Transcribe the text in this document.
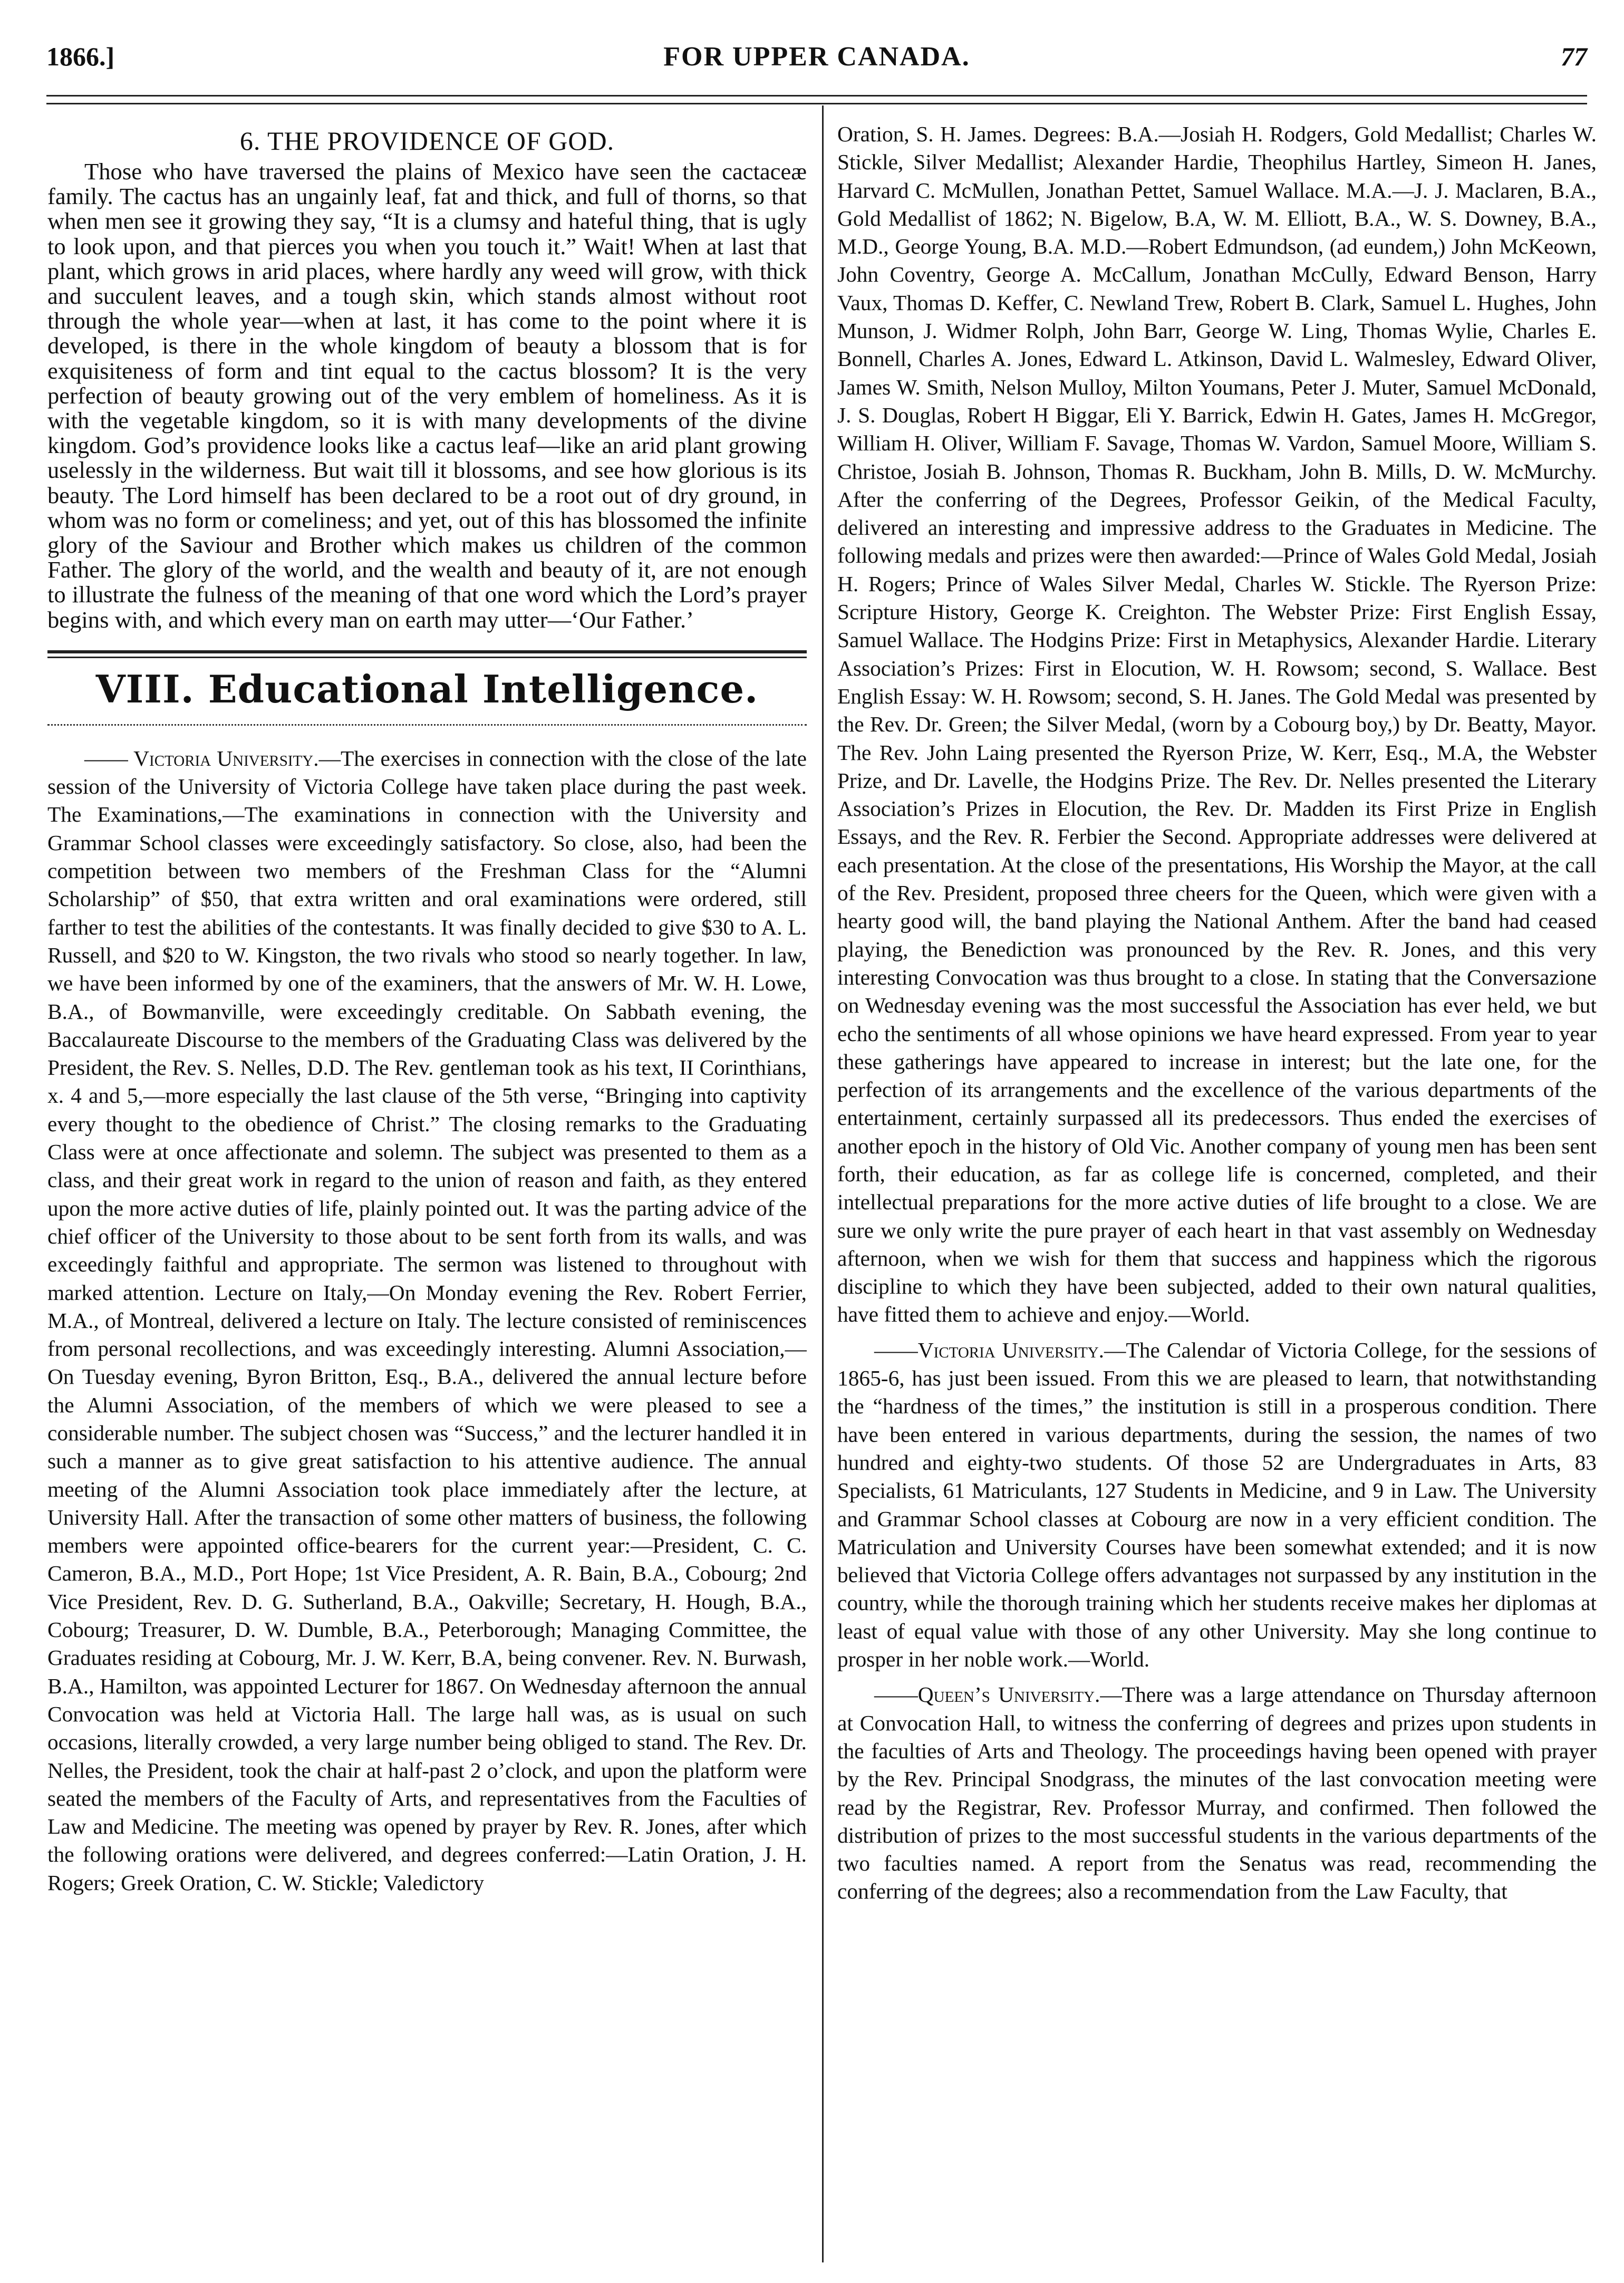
1866.]	FOR UPPER CANADA.	77
6. THE PROVIDENCE OF GOD.

Those who have traversed the plains of Mexico have seen the cactaceæ family. The cactus has an ungainly leaf, fat and thick, and full of thorns, so that when men see it growing they say, “It is a clumsy and hateful thing, that is ugly to look upon, and that pierces you when you touch it.” Wait! When at last that plant, which grows in arid places, where hardly any weed will grow, with thick and succulent leaves, and a tough skin, which stands almost without root through the whole year—when at last, it has come to the point where it is developed, is there in the whole kingdom of beauty a blossom that is for exquisiteness of form and tint equal to the cactus blossom? It is the very perfection of beauty growing out of the very emblem of homeliness. As it is with the vegetable kingdom, so it is with many developments of the divine kingdom. God’s providence looks like a cactus leaf—like an arid plant growing uselessly in the wilderness. But wait till it blossoms, and see how glorious is its beauty. The Lord himself has been declared to be a root out of dry ground, in whom was no form or comeliness; and yet, out of this has blossomed the infinite glory of the Saviour and Brother which makes us children of the common Father. The glory of the world, and the wealth and beauty of it, are not enough to illustrate the fulness of the meaning of that one word which the Lord’s prayer begins with, and which every man on earth may utter—‘Our Father.’

VIII. Educational Intelligence.

—— Victoria University.—The exercises in connection with the close of the late session of the University of Victoria College have taken place during the past week. The Examinations,—The examinations in connection with the University and Grammar School classes were exceedingly satisfactory. So close, also, had been the competition between two members of the Freshman Class for the “Alumni Scholarship” of $50, that extra written and oral examinations were ordered, still farther to test the abilities of the contestants. It was finally decided to give $30 to A. L. Russell, and $20 to W. Kingston, the two rivals who stood so nearly together. In law, we have been informed by one of the examiners, that the answers of Mr. W. H. Lowe, B.A., of Bowmanville, were exceedingly creditable. On Sabbath evening, the Baccalaureate Discourse to the members of the Graduating Class was delivered by the President, the Rev. S. Nelles, D.D. The Rev. gentleman took as his text, II Corinthians, x. 4 and 5,—more especially the last clause of the 5th verse, “Bringing into captivity every thought to the obedience of Christ.” The closing remarks to the Graduating Class were at once affectionate and solemn. The subject was presented to them as a class, and their great work in regard to the union of reason and faith, as they entered upon the more active duties of life, plainly pointed out. It was the parting advice of the chief officer of the University to those about to be sent forth from its walls, and was exceedingly faithful and appropriate. The sermon was listened to throughout with marked attention. Lecture on Italy,—On Monday evening the Rev. Robert Ferrier, M.A., of Montreal, delivered a lecture on Italy. The lecture consisted of reminiscences from personal recollections, and was exceedingly interesting. Alumni Association,—On Tuesday evening, Byron Britton, Esq., B.A., delivered the annual lecture before the Alumni Association, of the members of which we were pleased to see a considerable number. The subject chosen was “Success,” and the lecturer handled it in such a manner as to give great satisfaction to his attentive audience. The annual meeting of the Alumni Association took place immediately after the lecture, at University Hall. After the transaction of some other matters of business, the following members were appointed office-bearers for the current year:—President, C. C. Cameron, B.A., M.D., Port Hope; 1st Vice President, A. R. Bain, B.A., Cobourg; 2nd Vice President, Rev. D. G. Sutherland, B.A., Oakville; Secretary, H. Hough, B.A., Cobourg; Treasurer, D. W. Dumble, B.A., Peterborough; Managing Committee, the Graduates residing at Cobourg, Mr. J. W. Kerr, B.A, being convener. Rev. N. Burwash, B.A., Hamilton, was appointed Lecturer for 1867. On Wednesday afternoon the annual Convocation was held at Victoria Hall. The large hall was, as is usual on such occasions, literally crowded, a very large number being obliged to stand. The Rev. Dr. Nelles, the President, took the chair at half-past 2 o’clock, and upon the platform were seated the members of the Faculty of Arts, and representatives from the Faculties of Law and Medicine. The meeting was opened by prayer by Rev. R. Jones, after which the following orations were delivered, and degrees conferred:—Latin Oration, J. H. Rogers; Greek Oration, C. W. Stickle; Valedictory

Oration, S. H. James. Degrees: B.A.—Josiah H. Rodgers, Gold Medallist; Charles W. Stickle, Silver Medallist; Alexander Hardie, Theophilus Hartley, Simeon H. Janes, Harvard C. McMullen, Jonathan Pettet, Samuel Wallace. M.A.—J. J. Maclaren, B.A., Gold Medallist of 1862; N. Bigelow, B.A, W. M. Elliott, B.A., W. S. Downey, B.A., M.D., George Young, B.A. M.D.—Robert Edmundson, (ad eundem,) John McKeown, John Coventry, George A. McCallum, Jonathan McCully, Edward Benson, Harry Vaux, Thomas D. Keffer, C. Newland Trew, Robert B. Clark, Samuel L. Hughes, John Munson, J. Widmer Rolph, John Barr, George W. Ling, Thomas Wylie, Charles E. Bonnell, Charles A. Jones, Edward L. Atkinson, David L. Walmesley, Edward Oliver, James W. Smith, Nelson Mulloy, Milton Youmans, Peter J. Muter, Samuel McDonald, J. S. Douglas, Robert H Biggar, Eli Y. Barrick, Edwin H. Gates, James H. McGregor, William H. Oliver, William F. Savage, Thomas W. Vardon, Samuel Moore, William S. Christoe, Josiah B. Johnson, Thomas R. Buckham, John B. Mills, D. W. McMurchy. After the conferring of the Degrees, Professor Geikin, of the Medical Faculty, delivered an interesting and impressive address to the Graduates in Medicine. The following medals and prizes were then awarded:—Prince of Wales Gold Medal, Josiah H. Rogers; Prince of Wales Silver Medal, Charles W. Stickle. The Ryerson Prize: Scripture History, George K. Creighton. The Webster Prize: First English Essay, Samuel Wallace. The Hodgins Prize: First in Metaphysics, Alexander Hardie. Literary Association’s Prizes: First in Elocution, W. H. Rowsom; second, S. Wallace. Best English Essay: W. H. Rowsom; second, S. H. Janes. The Gold Medal was presented by the Rev. Dr. Green; the Silver Medal, (worn by a Cobourg boy,) by Dr. Beatty, Mayor. The Rev. John Laing presented the Ryerson Prize, W. Kerr, Esq., M.A, the Webster Prize, and Dr. Lavelle, the Hodgins Prize. The Rev. Dr. Nelles presented the Literary Association’s Prizes in Elocution, the Rev. Dr. Madden its First Prize in English Essays, and the Rev. R. Ferbier the Second. Appropriate addresses were delivered at each presentation. At the close of the presentations, His Worship the Mayor, at the call of the Rev. President, proposed three cheers for the Queen, which were given with a hearty good will, the band playing the National Anthem. After the band had ceased playing, the Benediction was pronounced by the Rev. R. Jones, and this very interesting Convocation was thus brought to a close. In stating that the Conversazione on Wednesday evening was the most successful the Association has ever held, we but echo the sentiments of all whose opinions we have heard expressed. From year to year these gatherings have appeared to increase in interest; but the late one, for the perfection of its arrangements and the excellence of the various departments of the entertainment, certainly surpassed all its predecessors. Thus ended the exercises of another epoch in the history of Old Vic. Another company of young men has been sent forth, their education, as far as college life is concerned, completed, and their intellectual preparations for the more active duties of life brought to a close. We are sure we only write the pure prayer of each heart in that vast assembly on Wednesday afternoon, when we wish for them that success and happiness which the rigorous discipline to which they have been subjected, added to their own natural qualities, have fitted them to achieve and enjoy.—World.

——Victoria University.—The Calendar of Victoria College, for the sessions of 1865-6, has just been issued. From this we are pleased to learn, that notwithstanding the “hardness of the times,” the institution is still in a prosperous condition. There have been entered in various departments, during the session, the names of two hundred and eighty-two students. Of those 52 are Undergraduates in Arts, 83 Specialists, 61 Matriculants, 127 Students in Medicine, and 9 in Law. The University and Grammar School classes at Cobourg are now in a very efficient condition. The Matriculation and University Courses have been somewhat extended; and it is now believed that Victoria College offers advantages not surpassed by any institution in the country, while the thorough training which her students receive makes her diplomas at least of equal value with those of any other University. May she long continue to prosper in her noble work.—World.

——Queen’s University.—There was a large attendance on Thursday afternoon at Convocation Hall, to witness the conferring of degrees and prizes upon students in the faculties of Arts and Theology. The proceedings having been opened with prayer by the Rev. Principal Snodgrass, the minutes of the last convocation meeting were read by the Registrar, Rev. Professor Murray, and confirmed. Then followed the distribution of prizes to the most successful students in the various departments of the two faculties named. A report from the Senatus was read, recommending the conferring of the degrees; also a recommendation from the Law Faculty, that
